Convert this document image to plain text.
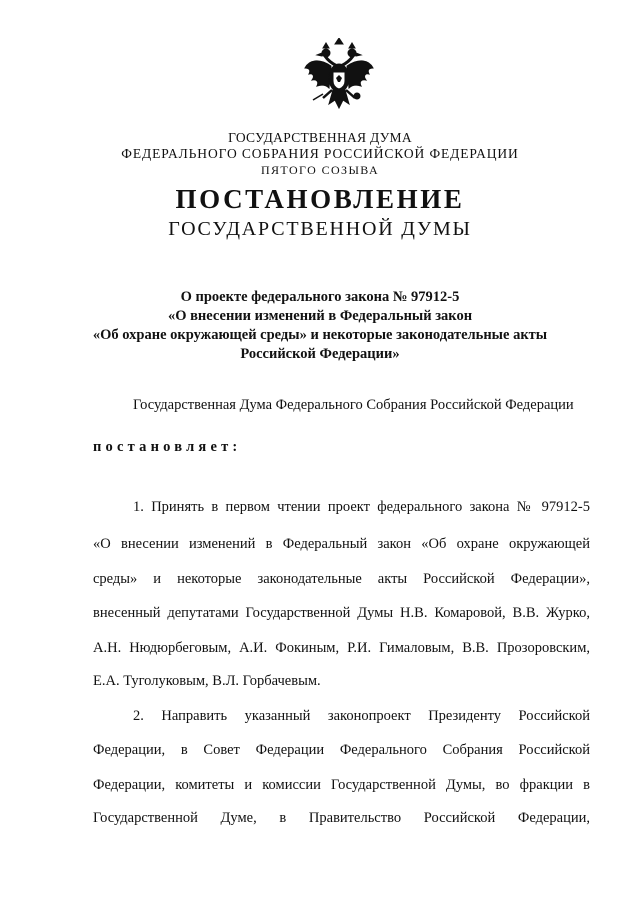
ГОСУДАРСТВЕННАЯ ДУМА
ФЕДЕРАЛЬНОГО СОБРАНИЯ РОССИЙСКОЙ ФЕДЕРАЦИИ
ПЯТОГО СОЗЫВА
ПОСТАНОВЛЕНИЕ
ГОСУДАРСТВЕННОЙ ДУМЫ
О проекте федерального закона № 97912-5
«О внесении изменений в Федеральный закон
«Об охране окружающей среды» и некоторые законодательные акты
Российской Федерации»
Государственная Дума Федерального Собрания Российской Федерации
постановляет:
1. Принять в первом чтении проект федерального закона № 97912-5
«О внесении изменений в Федеральный закон «Об охране окружающей
среды» и некоторые законодательные акты Российской Федерации»,
внесенный депутатами Государственной Думы Н.В. Комаровой, В.В. Журко,
А.Н. Нюдюрбеговым, А.И. Фокиным, Р.И. Гималовым, В.В. Прозоровским,
Е.А. Туголуковым, В.Л. Горбачевым.
2. Направить указанный законопроект Президенту Российской
Федерации, в Совет Федерации Федерального Собрания Российской
Федерации, комитеты и комиссии Государственной Думы, во фракции в
Государственной Думе, в Правительство Российской Федерации,
